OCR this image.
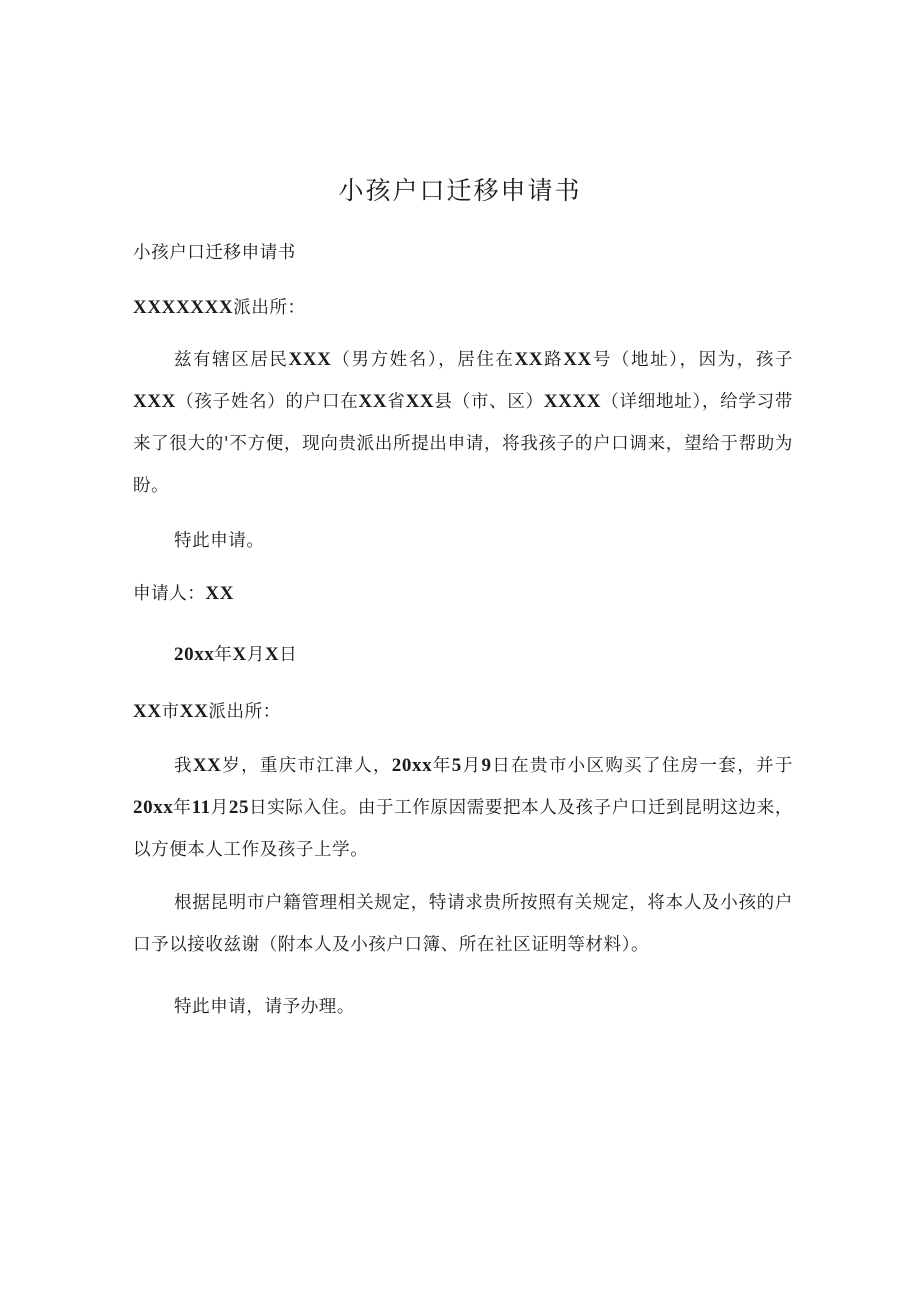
小孩户口迁移申请书
小孩户口迁移申请书
XXXXXXX派出所：
兹有辖区居民XXX（男方姓名），居住在XX路XX号（地址），因为，孩子XXX（孩子姓名）的户口在XX省XX县（市、区）XXXX（详细地址），给学习带来了很大的'不方便，现向贵派出所提出申请，将我孩子的户口调来，望给于帮助为盼。
特此申请。
申请人：XX
20xx年X月X日
XX市XX派出所：
我XX岁，重庆市江津人，20xx年5月9日在贵市小区购买了住房一套，并于20xx年11月25日实际入住。由于工作原因需要把本人及孩子户口迁到昆明这边来，以方便本人工作及孩子上学。
根据昆明市户籍管理相关规定，特请求贵所按照有关规定，将本人及小孩的户口予以接收兹谢（附本人及小孩户口簿、所在社区证明等材料）。
特此申请，请予办理。
